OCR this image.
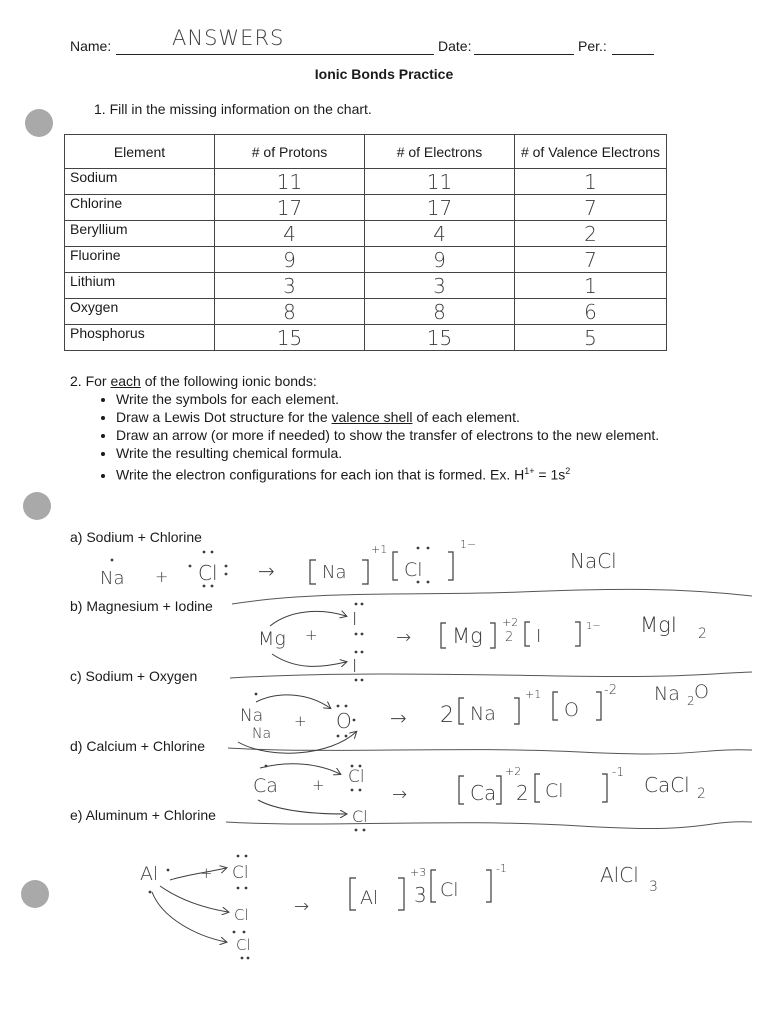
Name:	ANSWERS	Date:	Per.:
Ionic Bonds Practice
1. Fill in the missing information on the chart.
Element	# of Protons	# of Electrons	# of Valence Electrons
Sodium	11	11	1
Chlorine	17	17	7
Beryllium	4	4	2
Fluorine	9	9	7
Lithium	3	3	1
Oxygen	8	8	6
Phosphorus	15	15	5
2. For each of the following ionic bonds:
• Write the symbols for each element.
• Draw a Lewis Dot structure for the valence shell of each element.
• Draw an arrow (or more if needed) to show the transfer of electrons to the new element.
• Write the resulting chemical formula.
• Write the electron configurations for each ion that is formed. Ex. $H^{1+} = 1s^2$
a) Sodium + Chlorine
b) Magnesium + Iodine
c) Sodium + Oxygen
d) Calcium + Chlorine
e) Aluminum + Chlorine
Na + Cl →	Na
+1
Cl
1−
NaCl
Mg +
I
I
→ Mg
+2
2 I	1− MgI 2
Na
Na
+ O → 2 Na
+1
O
-2 Na 2 O
Ca + Cl
Cl
→	Ca
+2
2 Cl
-1
CaCl 2
Al	+ Cl
Cl
Cl
→	Al
+3
3 Cl
-1	AlCl 3
